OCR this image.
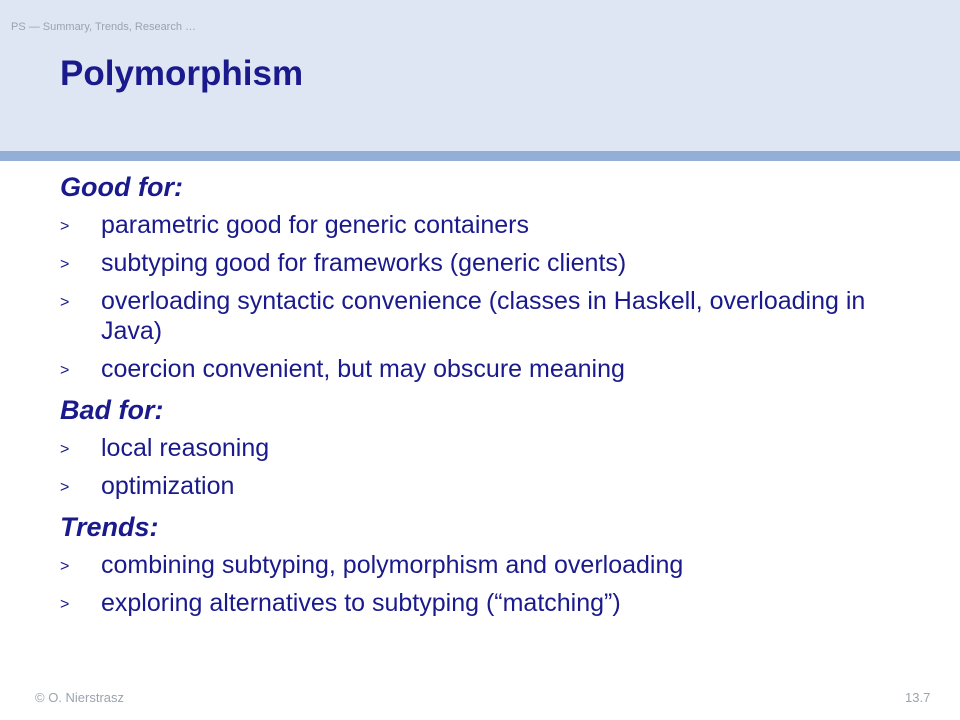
PS — Summary, Trends, Research …
Polymorphism
Good for:
> parametric good for generic containers
> subtyping good for frameworks (generic clients)
> overloading syntactic convenience (classes in Haskell, overloading in Java)
> coercion convenient, but may obscure meaning
Bad for:
> local reasoning
> optimization
Trends:
> combining subtyping, polymorphism and overloading
> exploring alternatives to subtyping (“matching”)
© O. Nierstrasz	13.7
